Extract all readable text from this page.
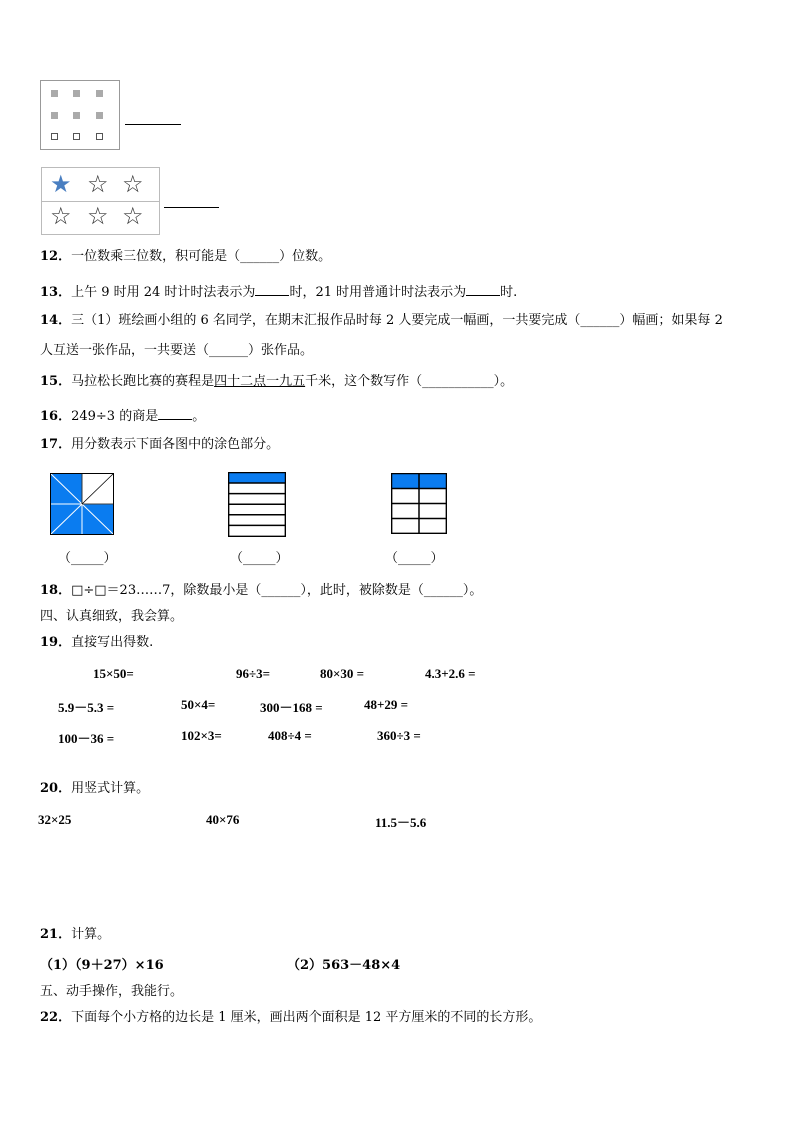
★ ☆ ☆
☆ ☆ ☆
12．一位数乘三位数，积可能是（______）位数。
13．上午 9 时用 24 时计时法表示为	时，21 时用普通计时法表示为	时.
14．三（1）班绘画小组的 6 名同学，在期末汇报作品时每 2 人要完成一幅画，一共要完成（______）幅画；如果每 2
人互送一张作品，一共要送（______）张作品。
15．马拉松长跑比赛的赛程是四十二点一九五千米，这个数写作（___________）。
16．249÷3 的商是	。
17．用分数表示下面各图中的涂色部分。
（_____）	（_____）	（_____）
18．□÷□＝23……7，除数最小是（______），此时，被除数是（______）。
四、认真细致，我会算。
19．直接写出得数.
15×50=	96÷3=	80×30 =	4.3+2.6 =
5.9－5.3 =	50×4=	300－168 =	48+29 =
100－36 =	102×3=	408÷4 =	360÷3 =
20．用竖式计算。
32×25	40×76	11.5－5.6
21．计算。
（1）（9＋27）×16	（2）563－48×4
五、动手操作，我能行。
22．下面每个小方格的边长是 1 厘米，画出两个面积是 12 平方厘米的不同的长方形。
